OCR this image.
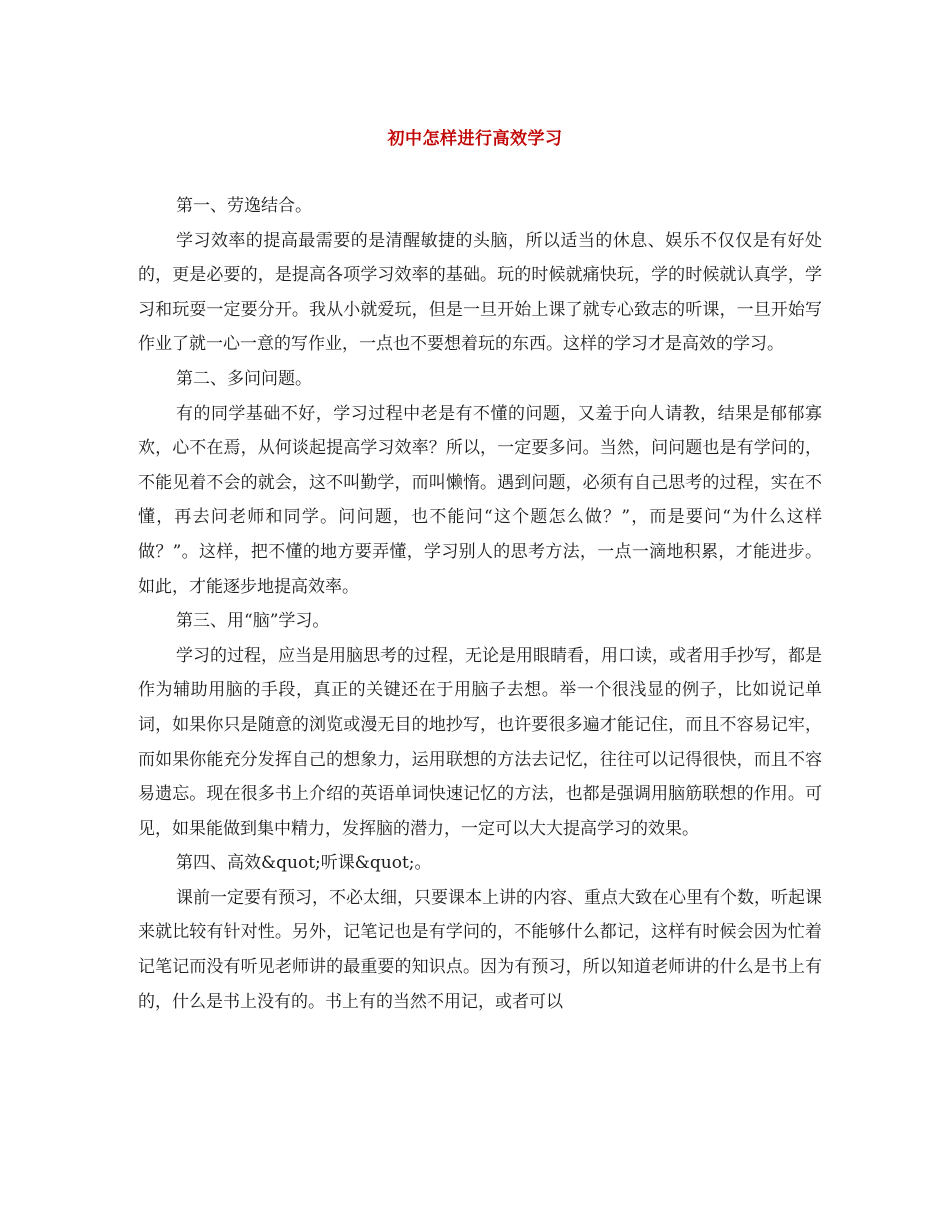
初中怎样进行高效学习

第一、劳逸结合。

学习效率的提高最需要的是清醒敏捷的头脑，所以适当的休息、娱乐不仅仅是有好处的，更是必要的，是提高各项学习效率的基础。玩的时候就痛快玩，学的时候就认真学，学习和玩耍一定要分开。我从小就爱玩，但是一旦开始上课了就专心致志的听课，一旦开始写作业了就一心一意的写作业，一点也不要想着玩的东西。这样的学习才是高效的学习。

第二、多问问题。

有的同学基础不好，学习过程中老是有不懂的问题，又羞于向人请教，结果是郁郁寡欢，心不在焉，从何谈起提高学习效率？所以，一定要多问。当然，问问题也是有学问的，不能见着不会的就会，这不叫勤学，而叫懒惰。遇到问题，必须有自己思考的过程，实在不懂，再去问老师和同学。问问题，也不能问“这个题怎么做？”，而是要问“为什么这样做？”。这样，把不懂的地方要弄懂，学习别人的思考方法，一点一滴地积累，才能进步。如此，才能逐步地提高效率。

第三、用“脑”学习。

学习的过程，应当是用脑思考的过程，无论是用眼睛看，用口读，或者用手抄写，都是作为辅助用脑的手段，真正的关键还在于用脑子去想。举一个很浅显的例子，比如说记单词，如果你只是随意的浏览或漫无目的地抄写，也许要很多遍才能记住，而且不容易记牢，而如果你能充分发挥自己的想象力，运用联想的方法去记忆，往往可以记得很快，而且不容易遗忘。现在很多书上介绍的英语单词快速记忆的方法，也都是强调用脑筋联想的作用。可见，如果能做到集中精力，发挥脑的潜力，一定可以大大提高学习的效果。

第四、高效&quot;听课&quot;。

课前一定要有预习，不必太细，只要课本上讲的内容、重点大致在心里有个数，听起课来就比较有针对性。另外，记笔记也是有学问的，不能够什么都记，这样有时候会因为忙着记笔记而没有听见老师讲的最重要的知识点。因为有预习，所以知道老师讲的什么是书上有的，什么是书上没有的。书上有的当然不用记，或者可以
